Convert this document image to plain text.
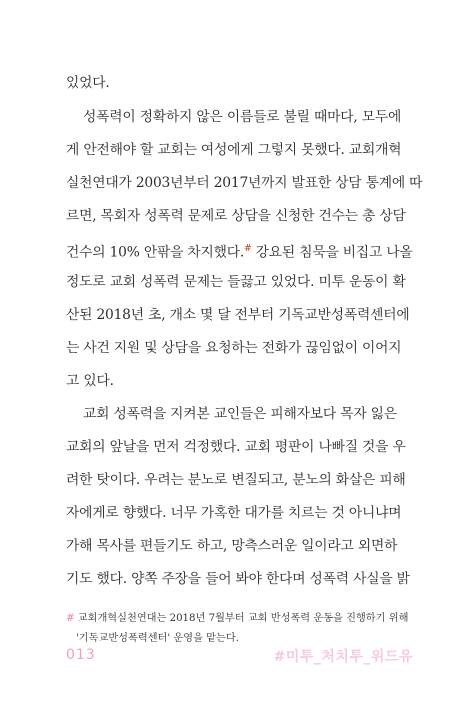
있었다.
성폭력이 정확하지 않은 이름들로 불릴 때마다, 모두에
게 안전해야 할 교회는 여성에게 그렇지 못했다. 교회개혁
실천연대가 2003년부터 2017년까지 발표한 상담 통계에 따
르면, 목회자 성폭력 문제로 상담을 신청한 건수는 총 상담
건수의 10% 안팎을 차지했다.# 강요된 침묵을 비집고 나올
정도로 교회 성폭력 문제는 들끓고 있었다. 미투 운동이 확
산된 2018년 초, 개소 몇 달 전부터 기독교반성폭력센터에
는 사건 지원 및 상담을 요청하는 전화가 끊임없이 이어지
고 있다.
교회 성폭력을 지켜본 교인들은 피해자보다 목자 잃은
교회의 앞날을 먼저 걱정했다. 교회 평판이 나빠질 것을 우
려한 탓이다. 우려는 분노로 변질되고, 분노의 화살은 피해
자에게로 향했다. 너무 가혹한 대가를 치르는 것 아니냐며
가해 목사를 편들기도 하고, 망측스러운 일이라고 외면하
기도 했다. 양쪽 주장을 들어 봐야 한다며 성폭력 사실을 밝
# 교회개혁실천연대는 2018년 7월부터 교회 반성폭력 운동을 진행하기 위해
'기독교반성폭력센터' 운영을 맡는다.
013	#미투_처치투_위드유
